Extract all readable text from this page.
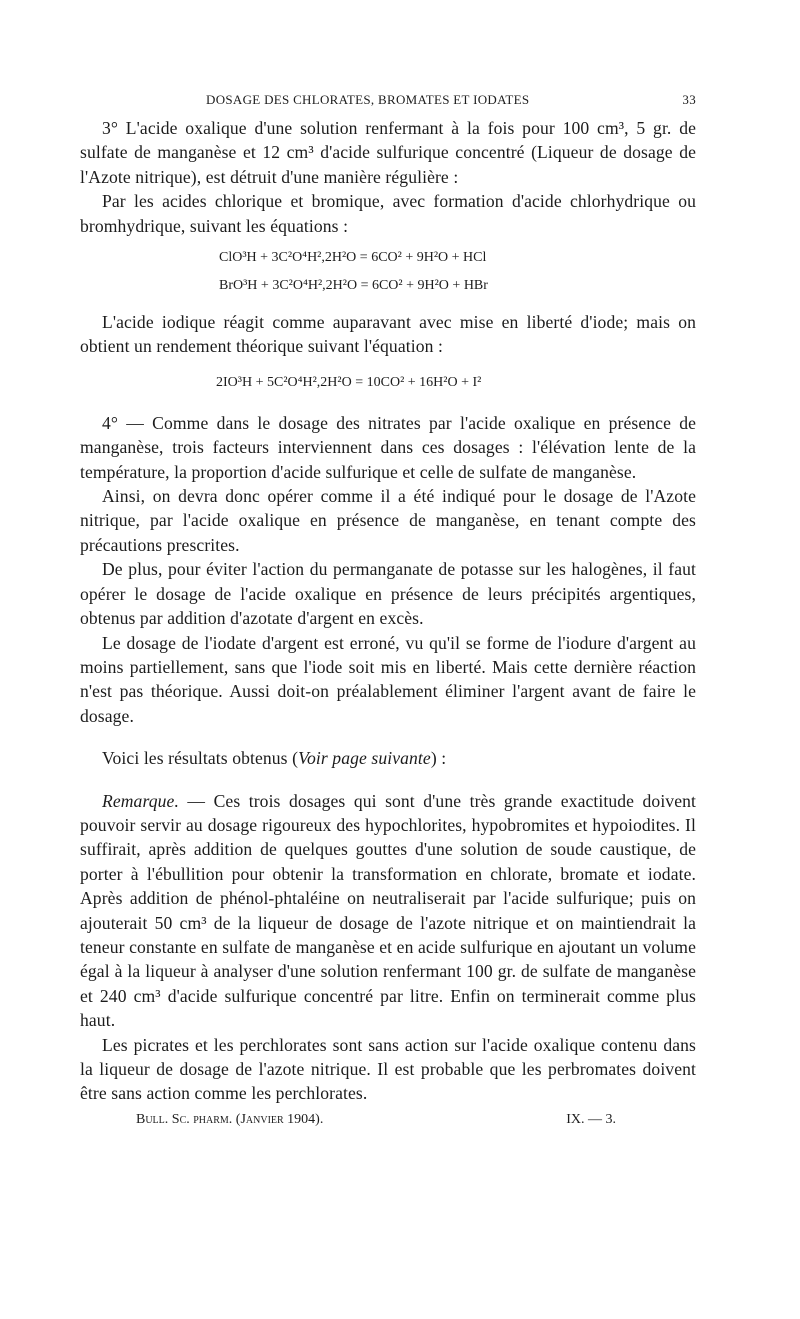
DOSAGE DES CHLORATES, BROMATES ET IODATES	33

3° L'acide oxalique d'une solution renfermant à la fois pour 100 cm³, 5 gr. de sulfate de manganèse et 12 cm³ d'acide sulfurique concentré (Liqueur de dosage de l'Azote nitrique), est détruit d'une manière régulière :

Par les acides chlorique et bromique, avec formation d'acide chlorhydrique ou bromhydrique, suivant les équations :

ClO³H + 3C²O⁴H²,2H²O = 6CO² + 9H²O + HCl
BrO³H + 3C²O⁴H²,2H²O = 6CO² + 9H²O + HBr

L'acide iodique réagit comme auparavant avec mise en liberté d'iode; mais on obtient un rendement théorique suivant l'équation :

2IO³H + 5C²O⁴H²,2H²O = 10CO² + 16H²O + I²

4° — Comme dans le dosage des nitrates par l'acide oxalique en présence de manganèse, trois facteurs interviennent dans ces dosages : l'élévation lente de la température, la proportion d'acide sulfurique et celle de sulfate de manganèse.

Ainsi, on devra donc opérer comme il a été indiqué pour le dosage de l'Azote nitrique, par l'acide oxalique en présence de manganèse, en tenant compte des précautions prescrites.

De plus, pour éviter l'action du permanganate de potasse sur les halogènes, il faut opérer le dosage de l'acide oxalique en présence de leurs précipités argentiques, obtenus par addition d'azotate d'argent en excès.

Le dosage de l'iodate d'argent est erroné, vu qu'il se forme de l'iodure d'argent au moins partiellement, sans que l'iode soit mis en liberté. Mais cette dernière réaction n'est pas théorique. Aussi doit-on préalablement éliminer l'argent avant de faire le dosage.

Voici les résultats obtenus (Voir page suivante) :

Remarque. — Ces trois dosages qui sont d'une très grande exactitude doivent pouvoir servir au dosage rigoureux des hypochlorites, hypobromites et hypoiodites. Il suffirait, après addition de quelques gouttes d'une solution de soude caustique, de porter à l'ébullition pour obtenir la transformation en chlorate, bromate et iodate. Après addition de phénol-phtaléine on neutraliserait par l'acide sulfurique; puis on ajouterait 50 cm³ de la liqueur de dosage de l'azote nitrique et on maintiendrait la teneur constante en sulfate de manganèse et en acide sulfurique en ajoutant un volume égal à la liqueur à analyser d'une solution renfermant 100 gr. de sulfate de manganèse et 240 cm³ d'acide sulfurique concentré par litre. Enfin on terminerait comme plus haut.

Les picrates et les perchlorates sont sans action sur l'acide oxalique contenu dans la liqueur de dosage de l'azote nitrique. Il est probable que les perbromates doivent être sans action comme les perchlorates.

Bull. Sc. pharm. (Janvier 1904).	IX. — 3.
